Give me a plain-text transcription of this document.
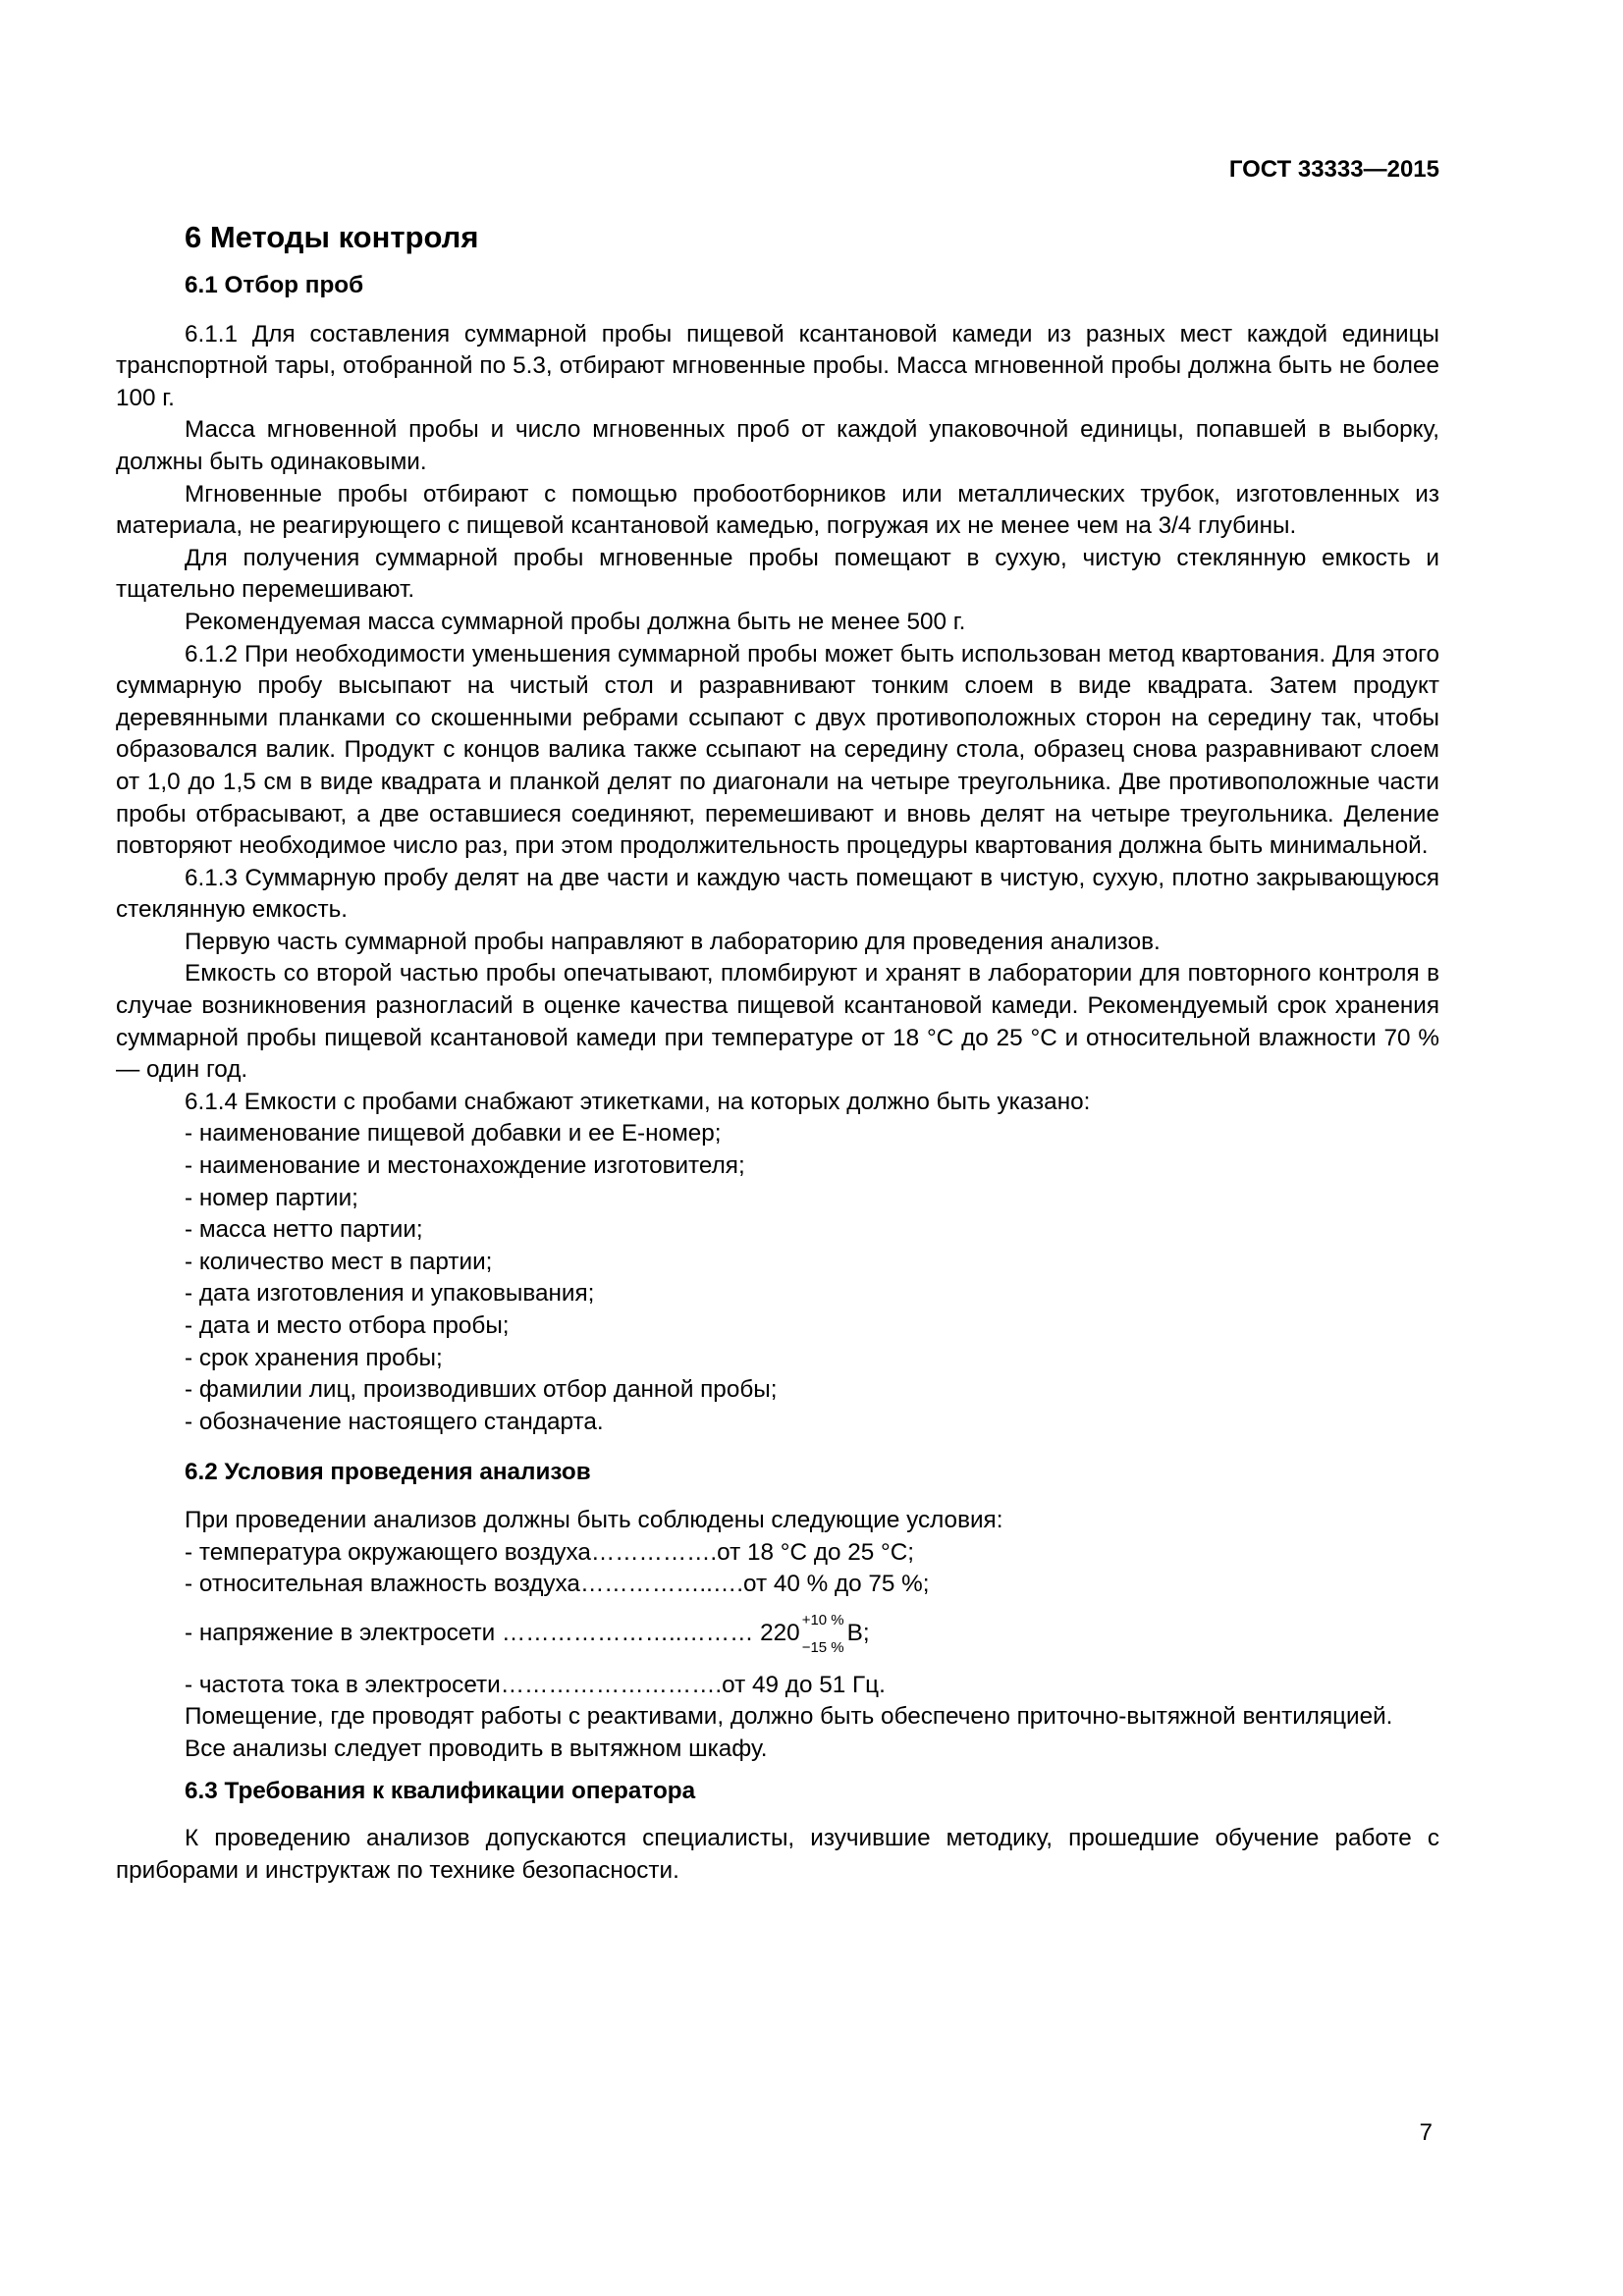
ГОСТ 33333—2015
6 Методы контроля
6.1 Отбор проб

6.1.1 Для составления суммарной пробы пищевой ксантановой камеди из разных мест каждой единицы транспортной тары, отобранной по 5.3, отбирают мгновенные пробы. Масса мгновенной пробы должна быть не более 100 г.

Масса мгновенной пробы и число мгновенных проб от каждой упаковочной единицы, попавшей в выборку, должны быть одинаковыми.

Мгновенные пробы отбирают с помощью пробоотборников или металлических трубок, изготовленных из материала, не реагирующего с пищевой ксантановой камедью, погружая их не менее чем на 3/4 глубины.

Для получения суммарной пробы мгновенные пробы помещают в сухую, чистую стеклянную емкость и тщательно перемешивают.

Рекомендуемая масса суммарной пробы должна быть не менее 500 г.

6.1.2 При необходимости уменьшения суммарной пробы может быть использован метод квартования. Для этого суммарную пробу высыпают на чистый стол и разравнивают тонким слоем в виде квадрата. Затем продукт деревянными планками со скошенными ребрами ссыпают с двух противоположных сторон на середину так, чтобы образовался валик. Продукт с концов валика также ссыпают на середину стола, образец снова разравнивают слоем от 1,0 до 1,5 см в виде квадрата и планкой делят по диагонали на четыре треугольника. Две противоположные части пробы отбрасывают, а две оставшиеся соединяют, перемешивают и вновь делят на четыре треугольника. Деление повторяют необходимое число раз, при этом продолжительность процедуры квартования должна быть минимальной.

6.1.3 Суммарную пробу делят на две части и каждую часть помещают в чистую, сухую, плотно закрывающуюся стеклянную емкость.

Первую часть суммарной пробы направляют в лабораторию для проведения анализов.

Емкость со второй частью пробы опечатывают, пломбируют и хранят в лаборатории для повторного контроля в случае возникновения разногласий в оценке качества пищевой ксантановой камеди. Рекомендуемый срок хранения суммарной пробы пищевой ксантановой камеди при температуре от 18 °С до 25 °С и относительной влажности 70 % — один год.

6.1.4 Емкости с пробами снабжают этикетками, на которых должно быть указано:

- наименование пищевой добавки и ее Е-номер;
- наименование и местонахождение изготовителя;
- номер партии;
- масса нетто партии;
- количество мест в партии;
- дата изготовления и упаковывания;
- дата и место отбора пробы;
- срок хранения пробы;
- фамилии лиц, производивших отбор данной пробы;
- обозначение настоящего стандарта.
6.2 Условия проведения анализов
При проведении анализов должны быть соблюдены следующие условия:
- температура окружающего воздуха…………….от 18 °С до 25 °С;
- относительная влажность воздуха……………..….от 40 % до 75 %;
- напряжение в электросети …………………..……… 220
+10 %
−15 %
В;
- частота тока в электросети……………………….от 49 до 51 Гц.

Помещение, где проводят работы с реактивами, должно быть обеспечено приточно-вытяжной вентиляцией.

Все анализы следует проводить в вытяжном шкафу.

6.3 Требования к квалификации оператора

К проведению анализов допускаются специалисты, изучившие методику, прошедшие обучение работе с приборами и инструктаж по технике безопасности.

7
